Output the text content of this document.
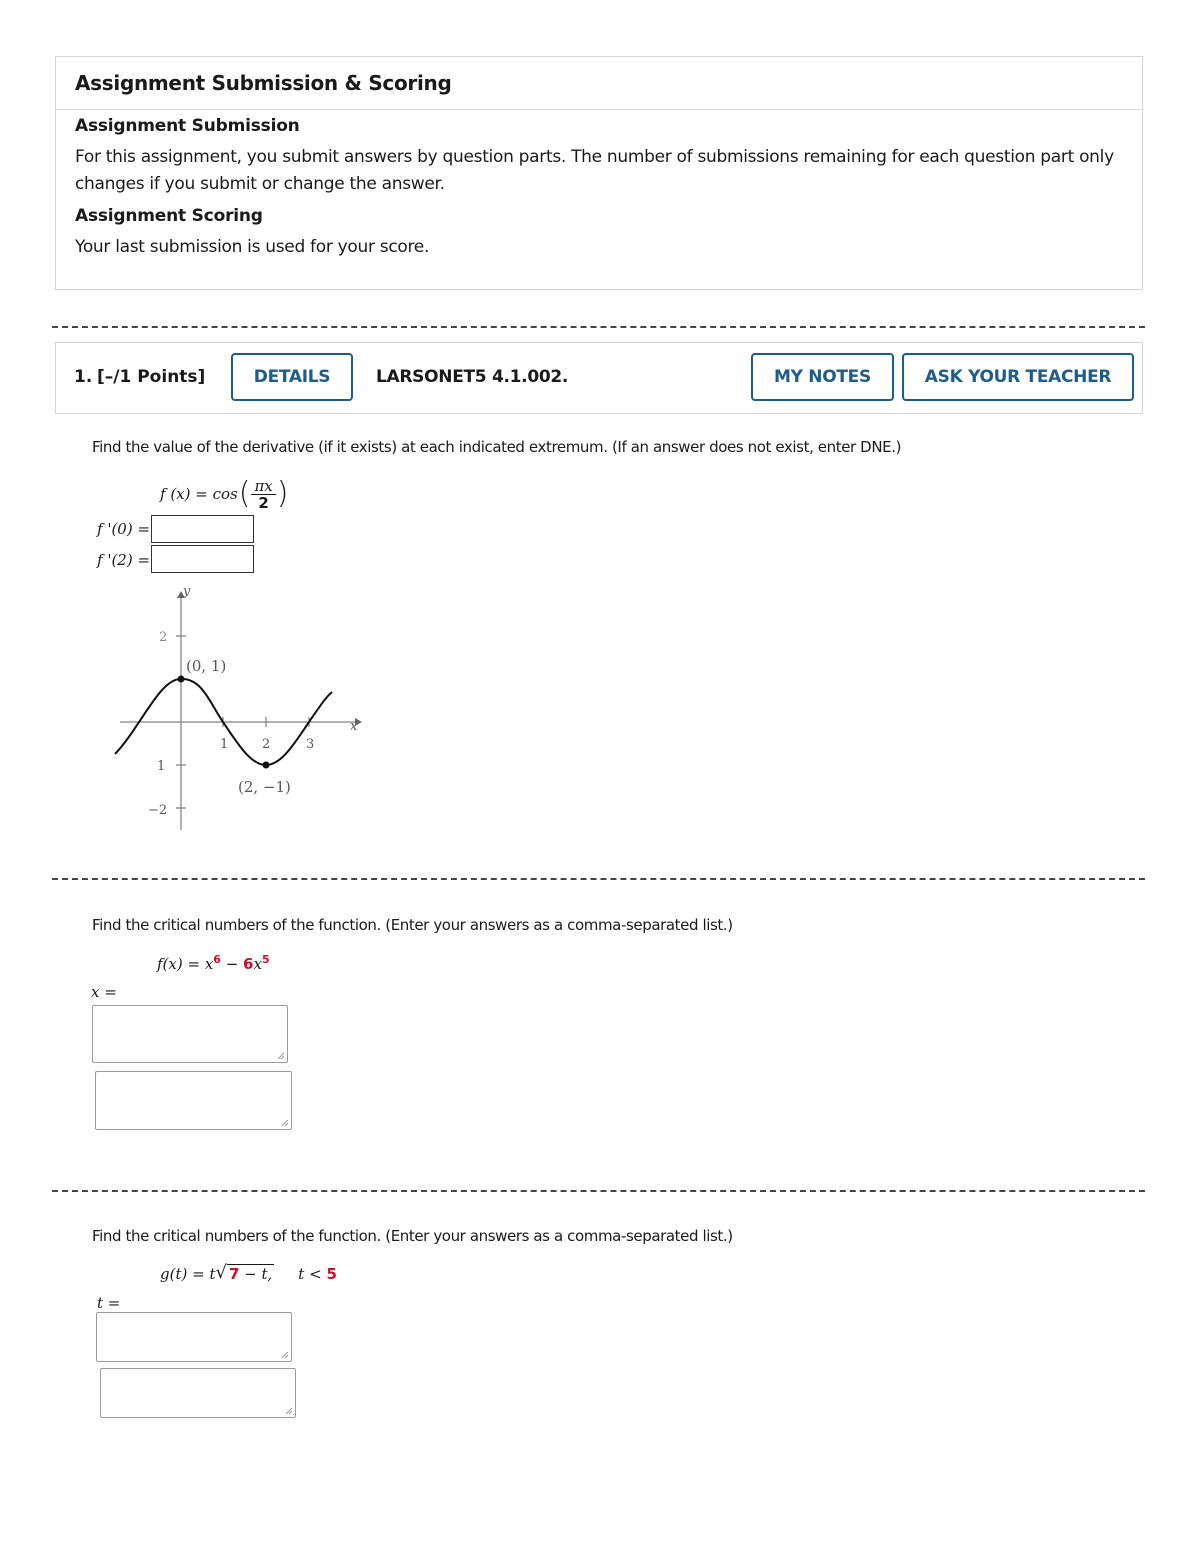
Assignment Submission & Scoring

Assignment Submission

For this assignment, you submit answers by question parts. The number of submissions remaining for each question part only changes if you submit or change the answer.

Assignment Scoring

Your last submission is used for your score.

1. [–/1 Points]	DETAILS	LARSONET5 4.1.002.	MY NOTES	ASK YOUR TEACHER
Find the value of the derivative (if it exists) at each indicated extremum. (If an answer does not exist, enter DNE.)
f (x) = cos ( $\frac{\pi x}{2}$ )
f '(0) =
f '(2) =
y
x
2
1
−2
1	2	3
(0, 1)
(2, −1)
Find the critical numbers of the function. (Enter your answers as a comma-separated list.)
$f(x) = x^6 - 6x^5$
x =
Find the critical numbers of the function. (Enter your answers as a comma-separated list.)
g(t) = t √ 7 − t, t < 5
t =
